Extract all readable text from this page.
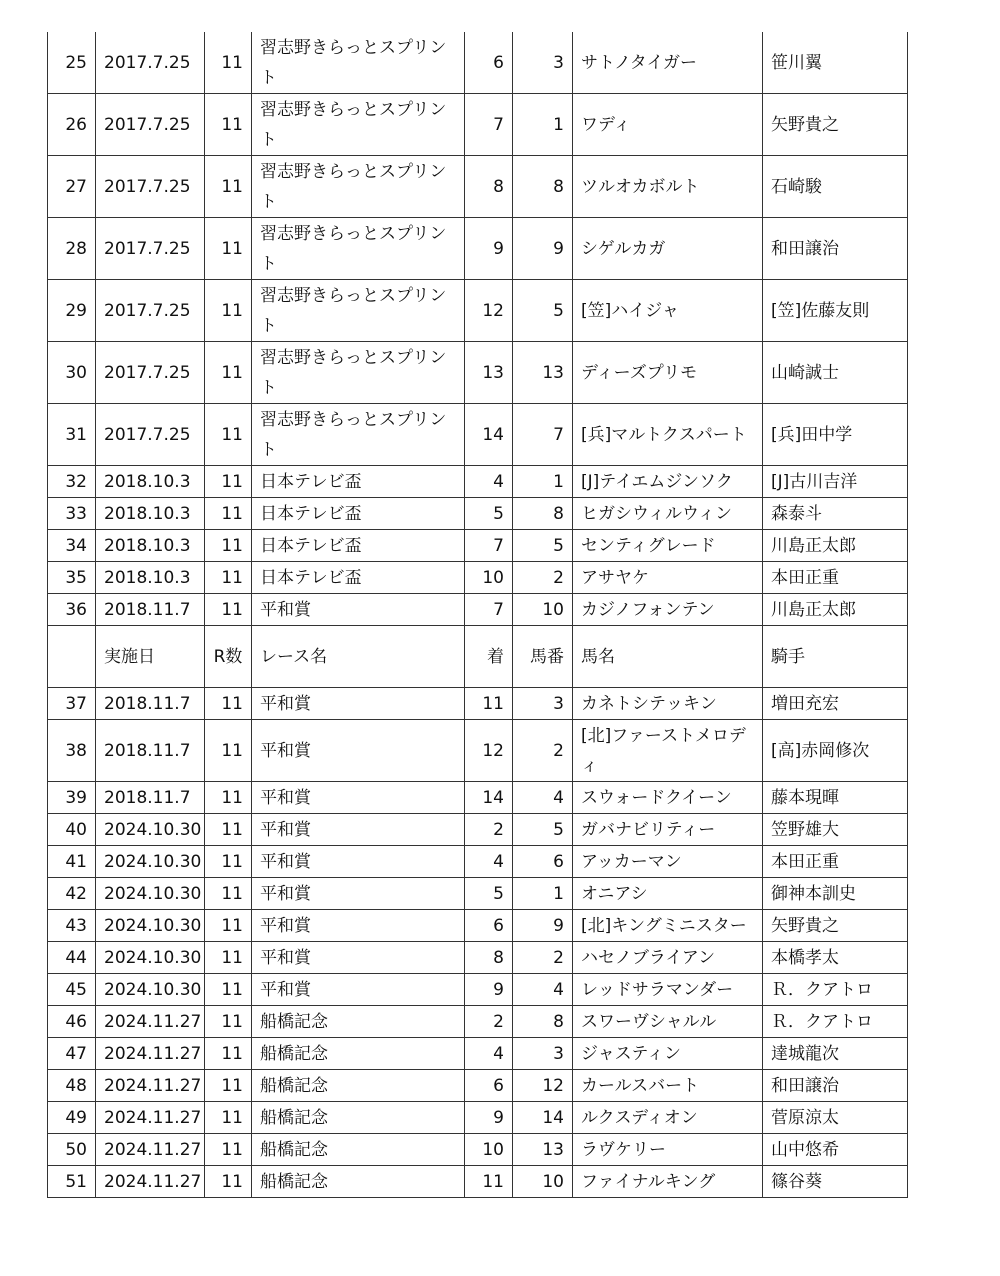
25	2017.7.25	11	習志野きらっとスプリント	6	3	サトノタイガー	笹川翼
26	2017.7.25	11	習志野きらっとスプリント	7	1	ワディ	矢野貴之
27	2017.7.25	11	習志野きらっとスプリント	8	8	ツルオカボルト	石崎駿
28	2017.7.25	11	習志野きらっとスプリント	9	9	シゲルカガ	和田譲治
29	2017.7.25	11	習志野きらっとスプリント	12	5	[笠]ハイジャ	[笠]佐藤友則
30	2017.7.25	11	習志野きらっとスプリント	13	13	ディーズプリモ	山崎誠士
31	2017.7.25	11	習志野きらっとスプリント	14	7	[兵]マルトクスパート	[兵]田中学
32	2018.10.3	11	日本テレビ盃	4	1	[J]テイエムジンソク	[J]古川吉洋
33	2018.10.3	11	日本テレビ盃	5	8	ヒガシウィルウィン	森泰斗
34	2018.10.3	11	日本テレビ盃	7	5	センティグレード	川島正太郎
35	2018.10.3	11	日本テレビ盃	10	2	アサヤケ	本田正重
36	2018.11.7	11	平和賞	7	10	カジノフォンテン	川島正太郎
	実施日	R数	レース名	着	馬番	馬名	騎手
37	2018.11.7	11	平和賞	11	3	カネトシテッキン	増田充宏
38	2018.11.7	11	平和賞	12	2	[北]ファーストメロディ	[高]赤岡修次
39	2018.11.7	11	平和賞	14	4	スウォードクイーン	藤本現暉
40	2024.10.30	11	平和賞	2	5	ガバナビリティー	笠野雄大
41	2024.10.30	11	平和賞	4	6	アッカーマン	本田正重
42	2024.10.30	11	平和賞	5	1	オニアシ	御神本訓史
43	2024.10.30	11	平和賞	6	9	[北]キングミニスター	矢野貴之
44	2024.10.30	11	平和賞	8	2	ハセノブライアン	本橋孝太
45	2024.10.30	11	平和賞	9	4	レッドサラマンダー	Ｒ．クアトロ
46	2024.11.27	11	船橋記念	2	8	スワーヴシャルル	Ｒ．クアトロ
47	2024.11.27	11	船橋記念	4	3	ジャスティン	達城龍次
48	2024.11.27	11	船橋記念	6	12	カールスバート	和田譲治
49	2024.11.27	11	船橋記念	9	14	ルクスディオン	菅原涼太
50	2024.11.27	11	船橋記念	10	13	ラヴケリー	山中悠希
51	2024.11.27	11	船橋記念	11	10	ファイナルキング	篠谷葵
